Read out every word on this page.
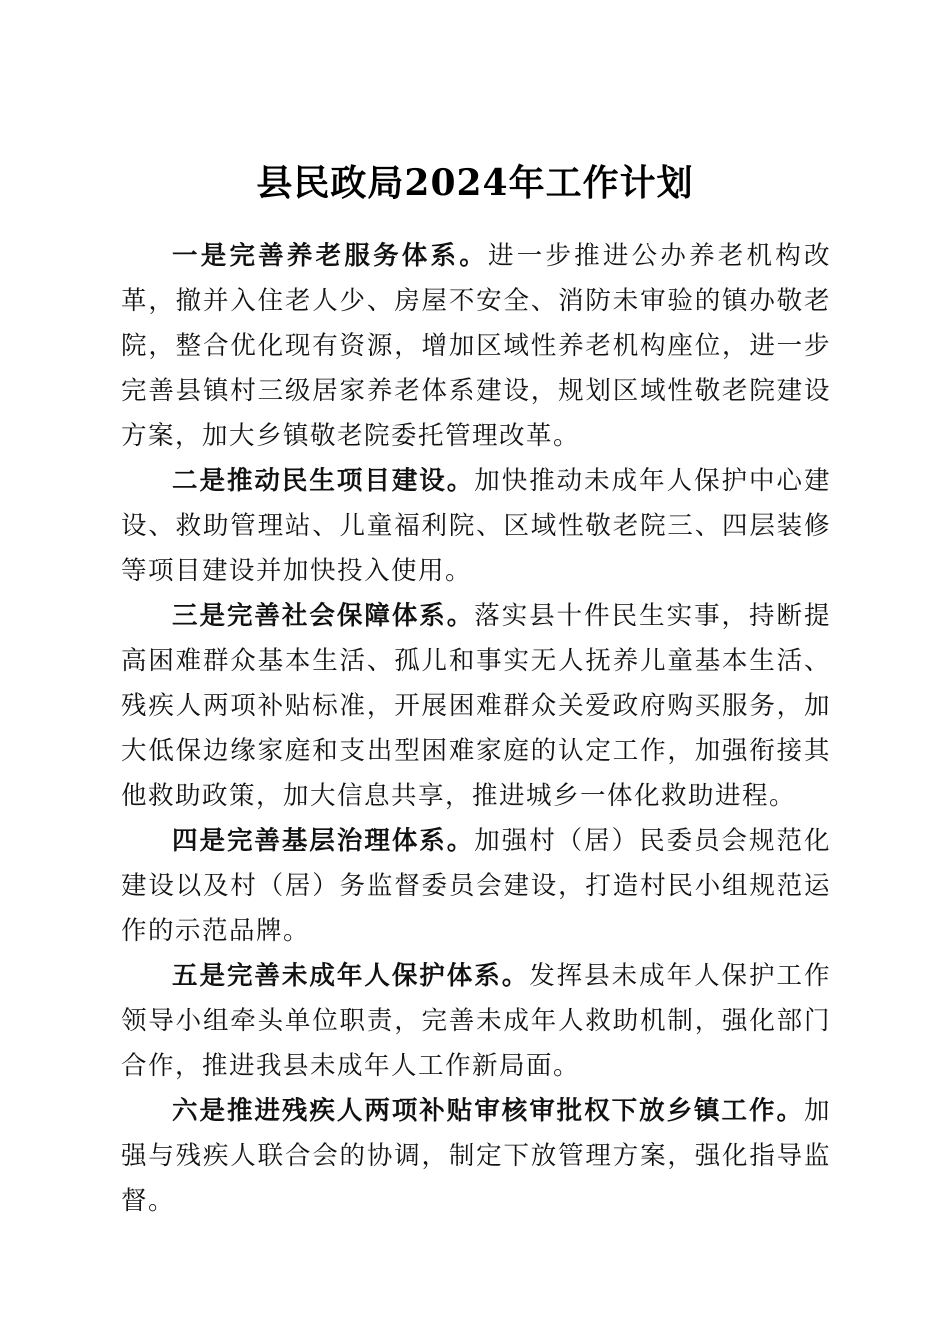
县民政局2024年工作计划

一是完善养老服务体系。进一步推进公办养老机构改革，撤并入住老人少、房屋不安全、消防未审验的镇办敬老院，整合优化现有资源，增加区域性养老机构座位，进一步完善县镇村三级居家养老体系建设，规划区域性敬老院建设方案，加大乡镇敬老院委托管理改革。

二是推动民生项目建设。加快推动未成年人保护中心建设、救助管理站、儿童福利院、区域性敬老院三、四层装修等项目建设并加快投入使用。

三是完善社会保障体系。落实县十件民生实事，持断提高困难群众基本生活、孤儿和事实无人抚养儿童基本生活、残疾人两项补贴标准，开展困难群众关爱政府购买服务，加大低保边缘家庭和支出型困难家庭的认定工作，加强衔接其他救助政策，加大信息共享，推进城乡一体化救助进程。

四是完善基层治理体系。加强村（居）民委员会规范化建设以及村（居）务监督委员会建设，打造村民小组规范运作的示范品牌。

五是完善未成年人保护体系。发挥县未成年人保护工作领导小组牵头单位职责，完善未成年人救助机制，强化部门合作，推进我县未成年人工作新局面。

六是推进残疾人两项补贴审核审批权下放乡镇工作。加强与残疾人联合会的协调，制定下放管理方案，强化指导监督。
